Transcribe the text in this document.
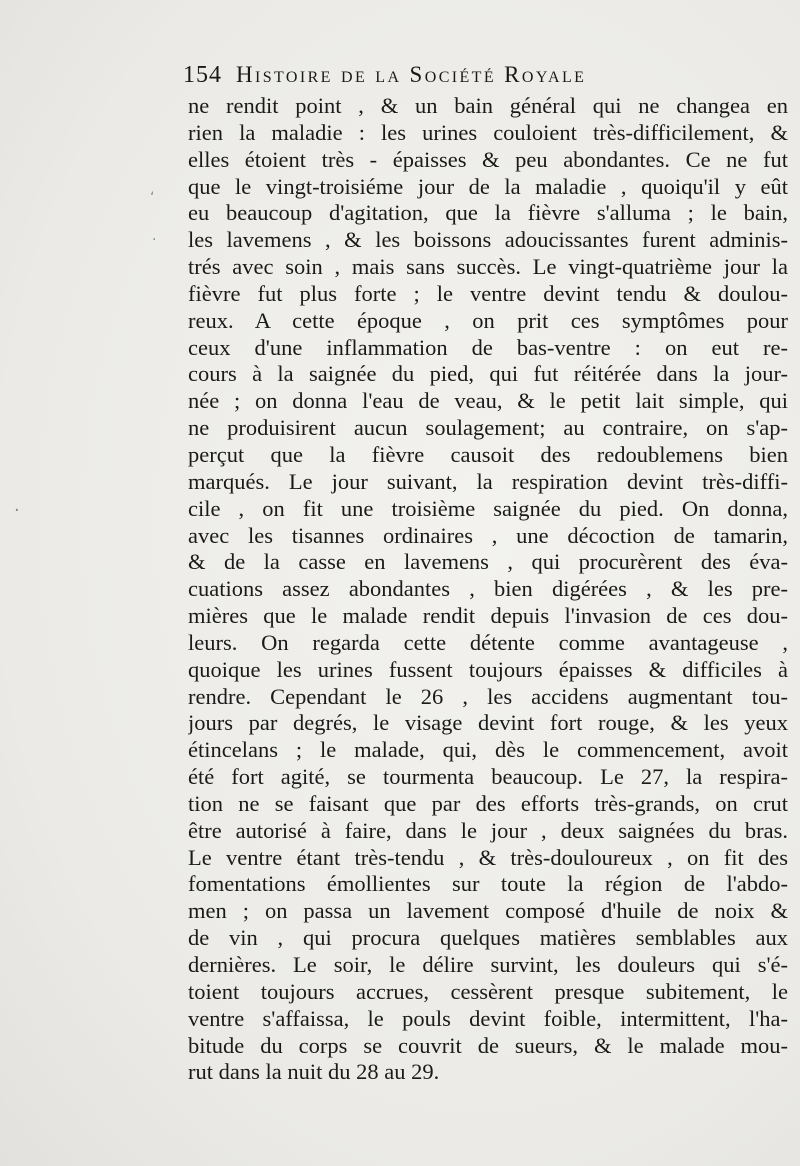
154 Histoire de la Société Royale
ne rendit point , & un bain général qui ne changea en
rien la maladie : les urines couloient très-difficilement, &
elles étoient très - épaisses & peu abondantes. Ce ne fut
que le vingt-troisiéme jour de la maladie , quoiqu'il y eût
eu beaucoup d'agitation, que la fièvre s'alluma ; le bain,
les lavemens , & les boissons adoucissantes furent adminis-
trés avec soin , mais sans succès. Le vingt-quatrième jour la
fièvre fut plus forte ; le ventre devint tendu & doulou-
reux. A cette époque , on prit ces symptômes pour
ceux d'une inflammation de bas-ventre : on eut re-
cours à la saignée du pied, qui fut réitérée dans la jour-
née ; on donna l'eau de veau, & le petit lait simple, qui
ne produisirent aucun soulagement; au contraire, on s'ap-
perçut que la fièvre causoit des redoublemens bien
marqués. Le jour suivant, la respiration devint très-diffi-
cile , on fit une troisième saignée du pied. On donna,
avec les tisannes ordinaires , une décoction de tamarin,
& de la casse en lavemens , qui procurèrent des éva-
cuations assez abondantes , bien digérées , & les pre-
mières que le malade rendit depuis l'invasion de ces dou-
leurs. On regarda cette détente comme avantageuse ,
quoique les urines fussent toujours épaisses & difficiles à
rendre. Cependant le 26 , les accidens augmentant tou-
jours par degrés, le visage devint fort rouge, & les yeux
étincelans ; le malade, qui, dès le commencement, avoit
été fort agité, se tourmenta beaucoup. Le 27, la respira-
tion ne se faisant que par des efforts très-grands, on crut
être autorisé à faire, dans le jour , deux saignées du bras.
Le ventre étant très-tendu , & très-douloureux , on fit des
fomentations émollientes sur toute la région de l'abdo-
men ; on passa un lavement composé d'huile de noix &
de vin , qui procura quelques matières semblables aux
dernières. Le soir, le délire survint, les douleurs qui s'é-
toient toujours accrues, cessèrent presque subitement, le
ventre s'affaissa, le pouls devint foible, intermittent, l'ha-
bitude du corps se couvrit de sueurs, & le malade mou-
rut dans la nuit du 28 au 29.
‘
·
·
